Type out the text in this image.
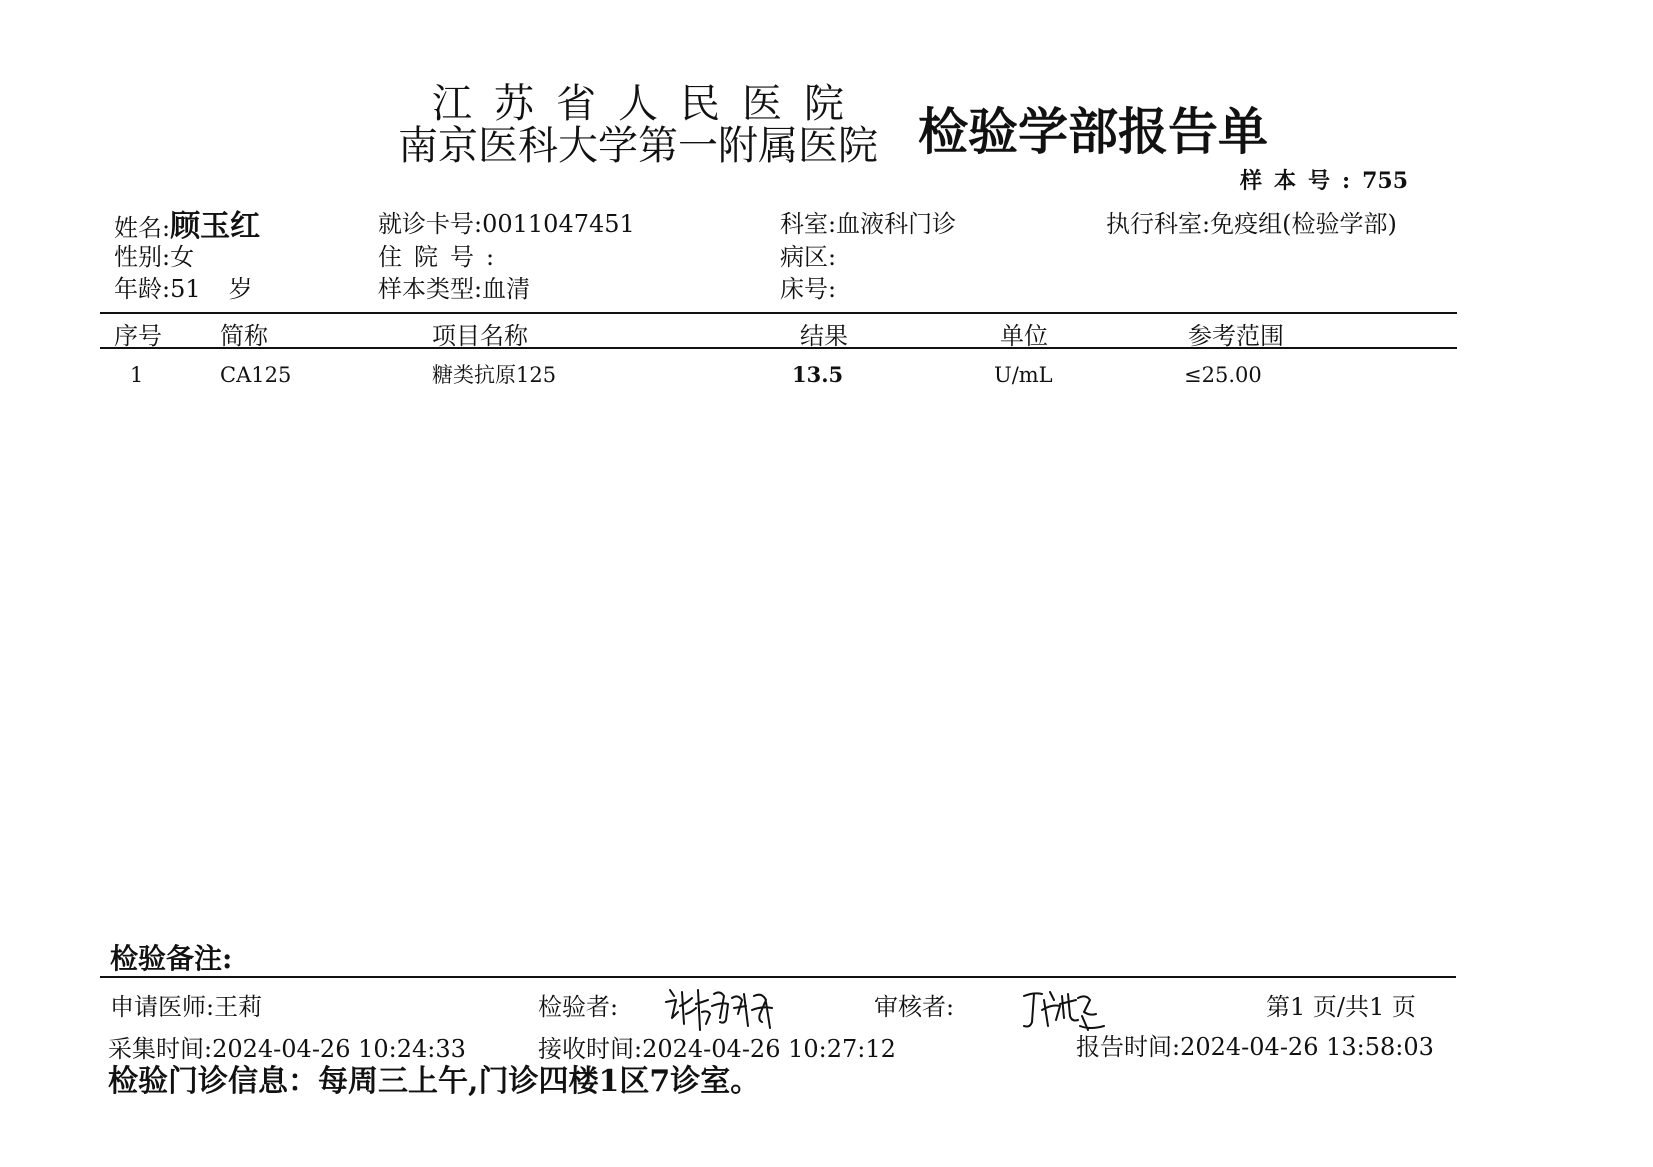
江苏省人民医院
南京医科大学第一附属医院 检验学部报告单
样本号:755
姓名:顾玉红	就诊卡号:0011047451	科室:血液科门诊	执行科室:免疫组(检验学部)
性别:女	住院号:	病区:
年龄:51 岁	样本类型:血清	床号:
序号 简称	项目名称	结果	单位	参考范围
1	CA125	糖类抗原125	13.5	U/mL	≤25.00
检验备注:
申请医师:王莉	检验者:	审核者:	第1 页/共1 页
采集时间:2024-04-26 10:24:33	接收时间:2024-04-26 10:27:12	报告时间:2024-04-26 13:58:03
检验门诊信息：每周三上午,门诊四楼1区7诊室。
